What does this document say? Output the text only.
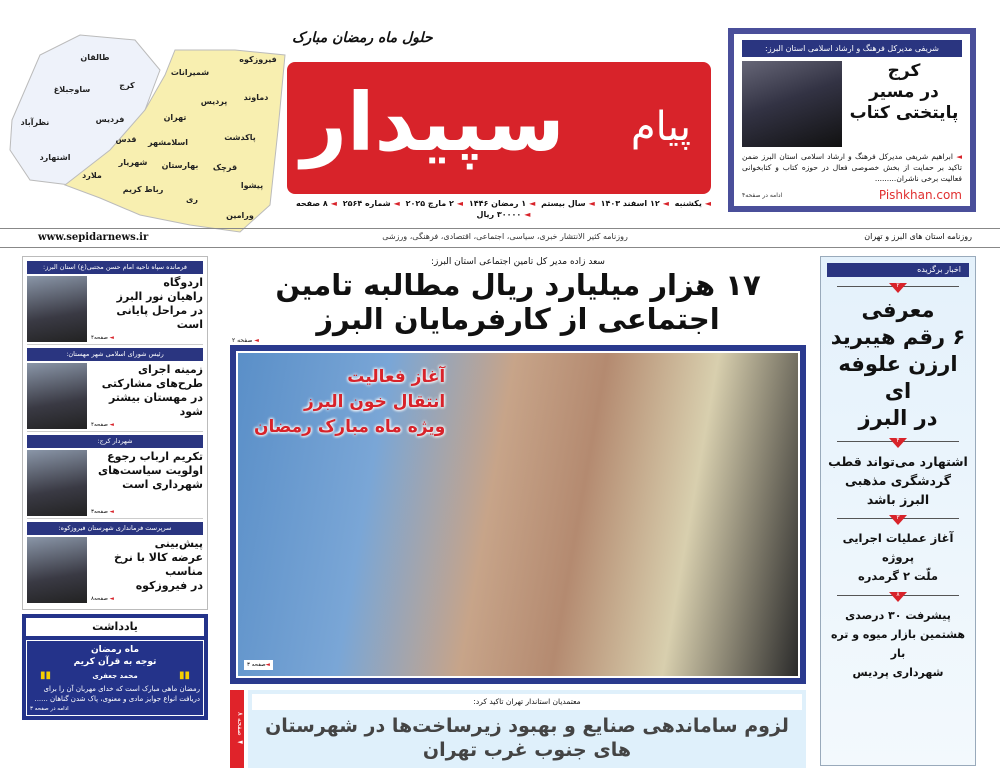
طالقان
ساوجبلاغ	کرج
نظرآباد	فردیس
اشتهارد
شمیرانات
فیروزکوه
دماوند
پردیس
تهران
قدس اسلامشهر
ملارد
شهریار بهارستان
رباط کریم
ری
پاکدشت
قرچک
پیشوا
ورامین
حلول ماه رمضان مبارک
سپیدار پیام
◄یکشنبه ◄۱۲ اسفند ۱۴۰۳ ◄سال بیستم ◄۱ رمضان ۱۴۴۶ ◄۲ مارچ ۲۰۲۵ ◄شماره ۲۵۶۴ ◄۸ صفحه ◄۳۰۰۰۰ ریال
www.sepidarnews.ir	روزنامه کثیر الانتشار خبری، سیاسی، اجتماعی، اقتصادی، فرهنگی، ورزشی	روزنامه استان های البرز و تهران
شریفی مدیرکل فرهنگ و ارشاد اسلامی استان البرز:
کرج
در مسیر
پایتختی کتاب
◄ ابراهیم شریفی مدیرکل فرهنگ و ارشاد اسلامی استان البرز ضمن تاکید بر حمایت از بخش خصوصی فعال در حوزه کتاب و کتابخوانی فعالیت برخی ناشران.........
ادامه در صفحه۴	Pishkhan.com
فرمانده سپاه ناحیه امام حسن مجتبی(ع) استان البرز:
اردوگاه
راهیان نور البرز
در مراحل پایانی است
◄ صفحه۴
رئیس شورای اسلامی شهر مهستان:
زمینه اجرای
طرح‌های مشارکتی
در مهستان بیشتر شود
◄ صفحه۴
شهردار کرج:
تکریم ارباب رجوع
اولویت سیاست‌های
شهرداری است
◄ صفحه۳
سرپرست فرمانداری شهرستان فیروزکوه:
پیش‌بینی
عرضه کالا با نرخ مناسب
در فیروزکوه
◄ صفحه۸
یادداشت
ماه رمضان
توجه به قرآن کریم
▮▮
محمد جعفری
▮▮
رمضان ماهی مبارک است که خدای مهربان آن را برای دریافت انواع جوایز مادی و معنوی، پاک شدن گناهان ......
ادامه در صفحه ۳
سعد زاده مدیر کل تامین اجتماعی استان البرز:
۱۷ هزار میلیارد ریال مطالبه تامین اجتماعی از کارفرمایان البرز
◄ صفحه ۲
آغاز فعالیت
انتقال خون البرز
ویژه ماه مبارک رمضان
◄صفحه ۳
◄ صفحه ۸
معتمدیان استاندار تهران تاکید کرد:
لزوم ساماندهی صنایع و بهبود زیرساخت‌ها در شهرستان های جنوب غرب تهران
اخبار برگزیده
۲
معرفی
۶ رقم هیبرید
ارزن علوفه ای
در البرز
۴
اشتهارد می‌تواند قطب
گردشگری مذهبی
البرز باشد
۳
آغاز عملیات اجرایی پروژه
ملّت ۲ گرمدره
۸
پیشرفت ۳۰ درصدی
هشتمین بازار میوه و تره بار
شهرداری پردیس
